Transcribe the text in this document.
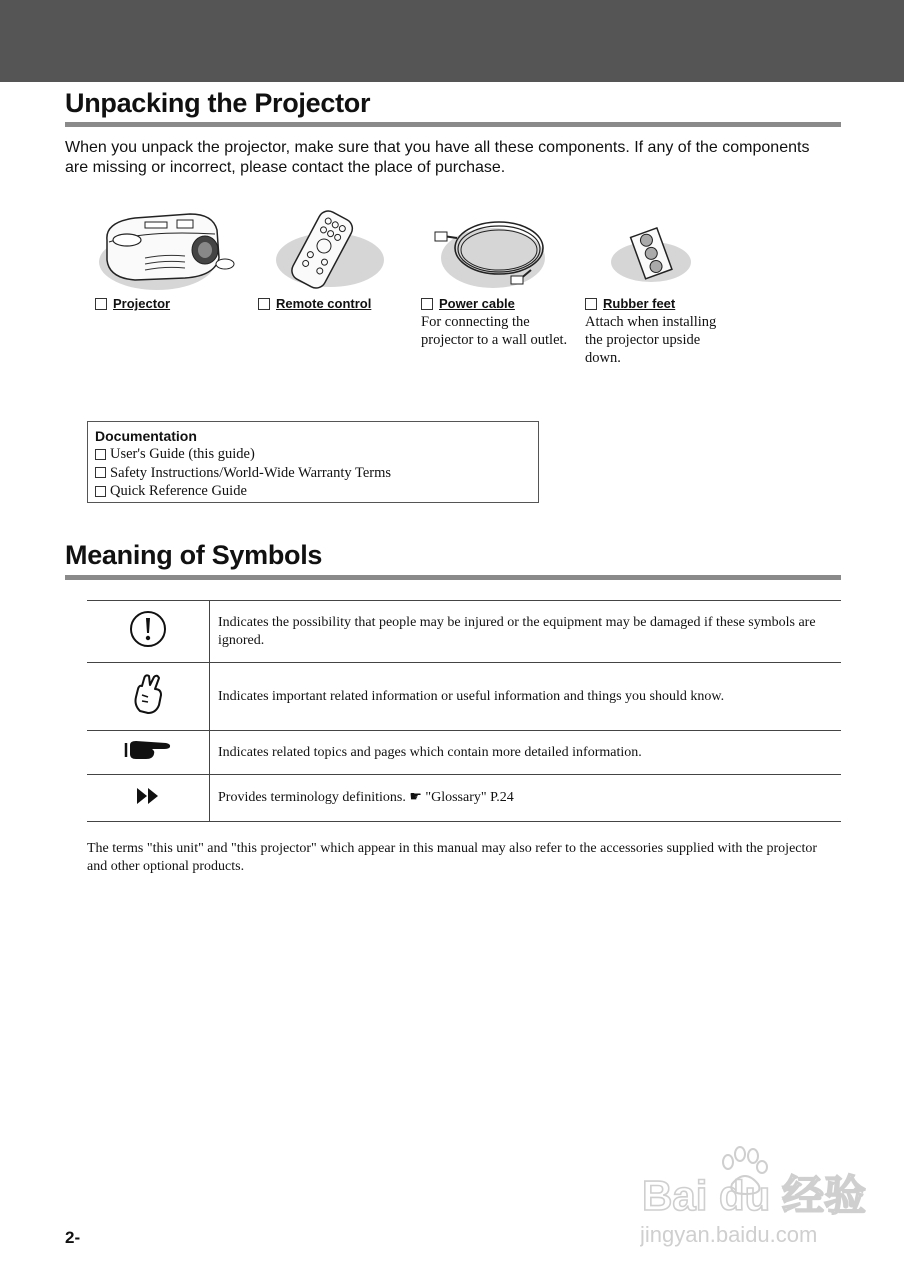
Unpacking the Projector
When you unpack the projector, make sure that you have all these components. If any of the components are missing or incorrect, please contact the place of purchase.
Projector	Remote control	Power cable
For connecting the projector to a wall outlet.
Rubber feet
Attach when installing the projector upside down.
Documentation
User's Guide (this guide)
Safety Instructions/World-Wide Warranty Terms
Quick Reference Guide
Meaning of Symbols
	Indicates the possibility that people may be injured or the equipment may be damaged if these symbols are ignored.
	Indicates important related information or useful information and things you should know.
	Indicates related topics and pages which contain more detailed information.
	Provides terminology definitions. ☛ "Glossary" P.24
The terms "this unit" and "this projector" which appear in this manual may also refer to the accessories supplied with the projector and other optional products.
2-
Bai du 经验
jingyan.baidu.com
